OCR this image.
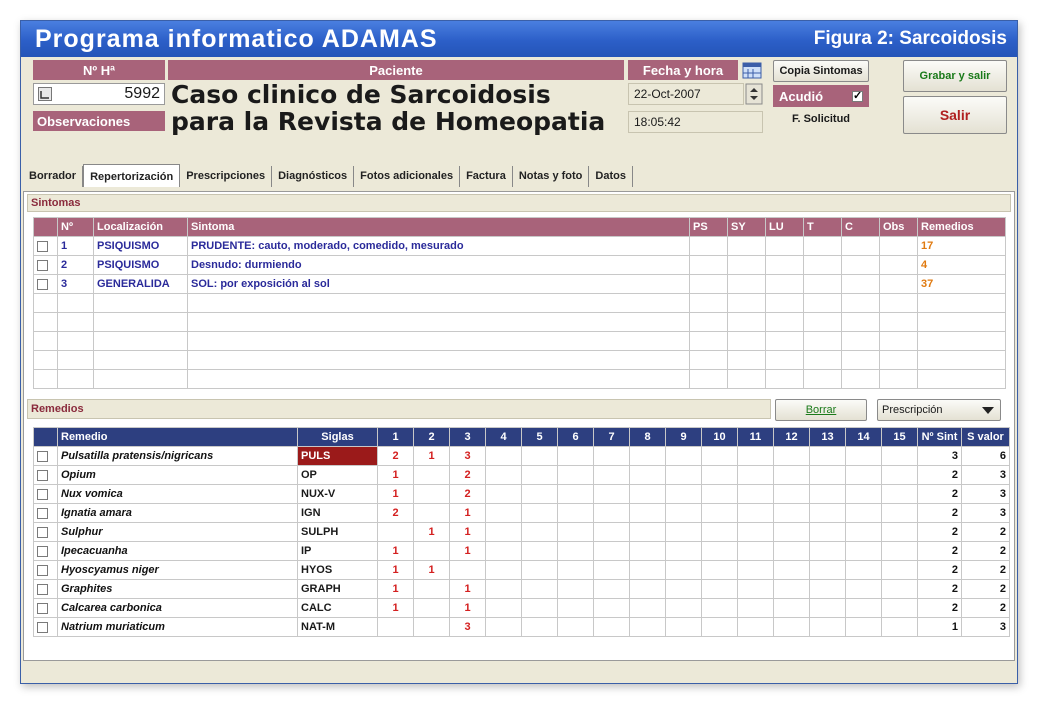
Programa informatico ADAMAS	Figura 2: Sarcoidosis
Nº Hª	Paciente
5992 Caso clinico de Sarcoidosis
Observaciones	para la Revista de Homeopatia
Fecha y hora
22-Oct-2007
18:05:42
Copia Sintomas
Acudió
✓
F. Solicitud
Grabar y salir
Salir
Borrador	Repertorización	Prescripciones	Diagnósticos	Fotos adicionales	Factura	Notas y foto	Datos
Sintomas
	Nº	Localización	Sintoma	PS	SY	LU	T	C	Obs	Remedios
	1	PSIQUISMO	PRUDENTE: cauto, moderado, comedido, mesurado							17
	2	PSIQUISMO	Desnudo: durmiendo							4
	3	GENERALIDA	SOL: por exposición al sol							37

Remedios	Borrar	Prescripción
	Remedio	Siglas	1	2	3	4	5	6	7	8	9	10	11	12	13	14	15	Nº Sint	S valor
	Pulsatilla pratensis/nigricans	PULS	2	1	3													3	6
	Opium	OP	1		2													2	3
	Nux vomica	NUX-V	1		2													2	3
	Ignatia amara	IGN	2		1													2	3
	Sulphur	SULPH		1	1													2	2
	Ipecacuanha	IP	1		1													2	2
	Hyoscyamus niger	HYOS	1	1														2	2
	Graphites	GRAPH	1		1													2	2
	Calcarea carbonica	CALC	1		1													2	2
	Natrium muriaticum	NAT-M			3													1	3
